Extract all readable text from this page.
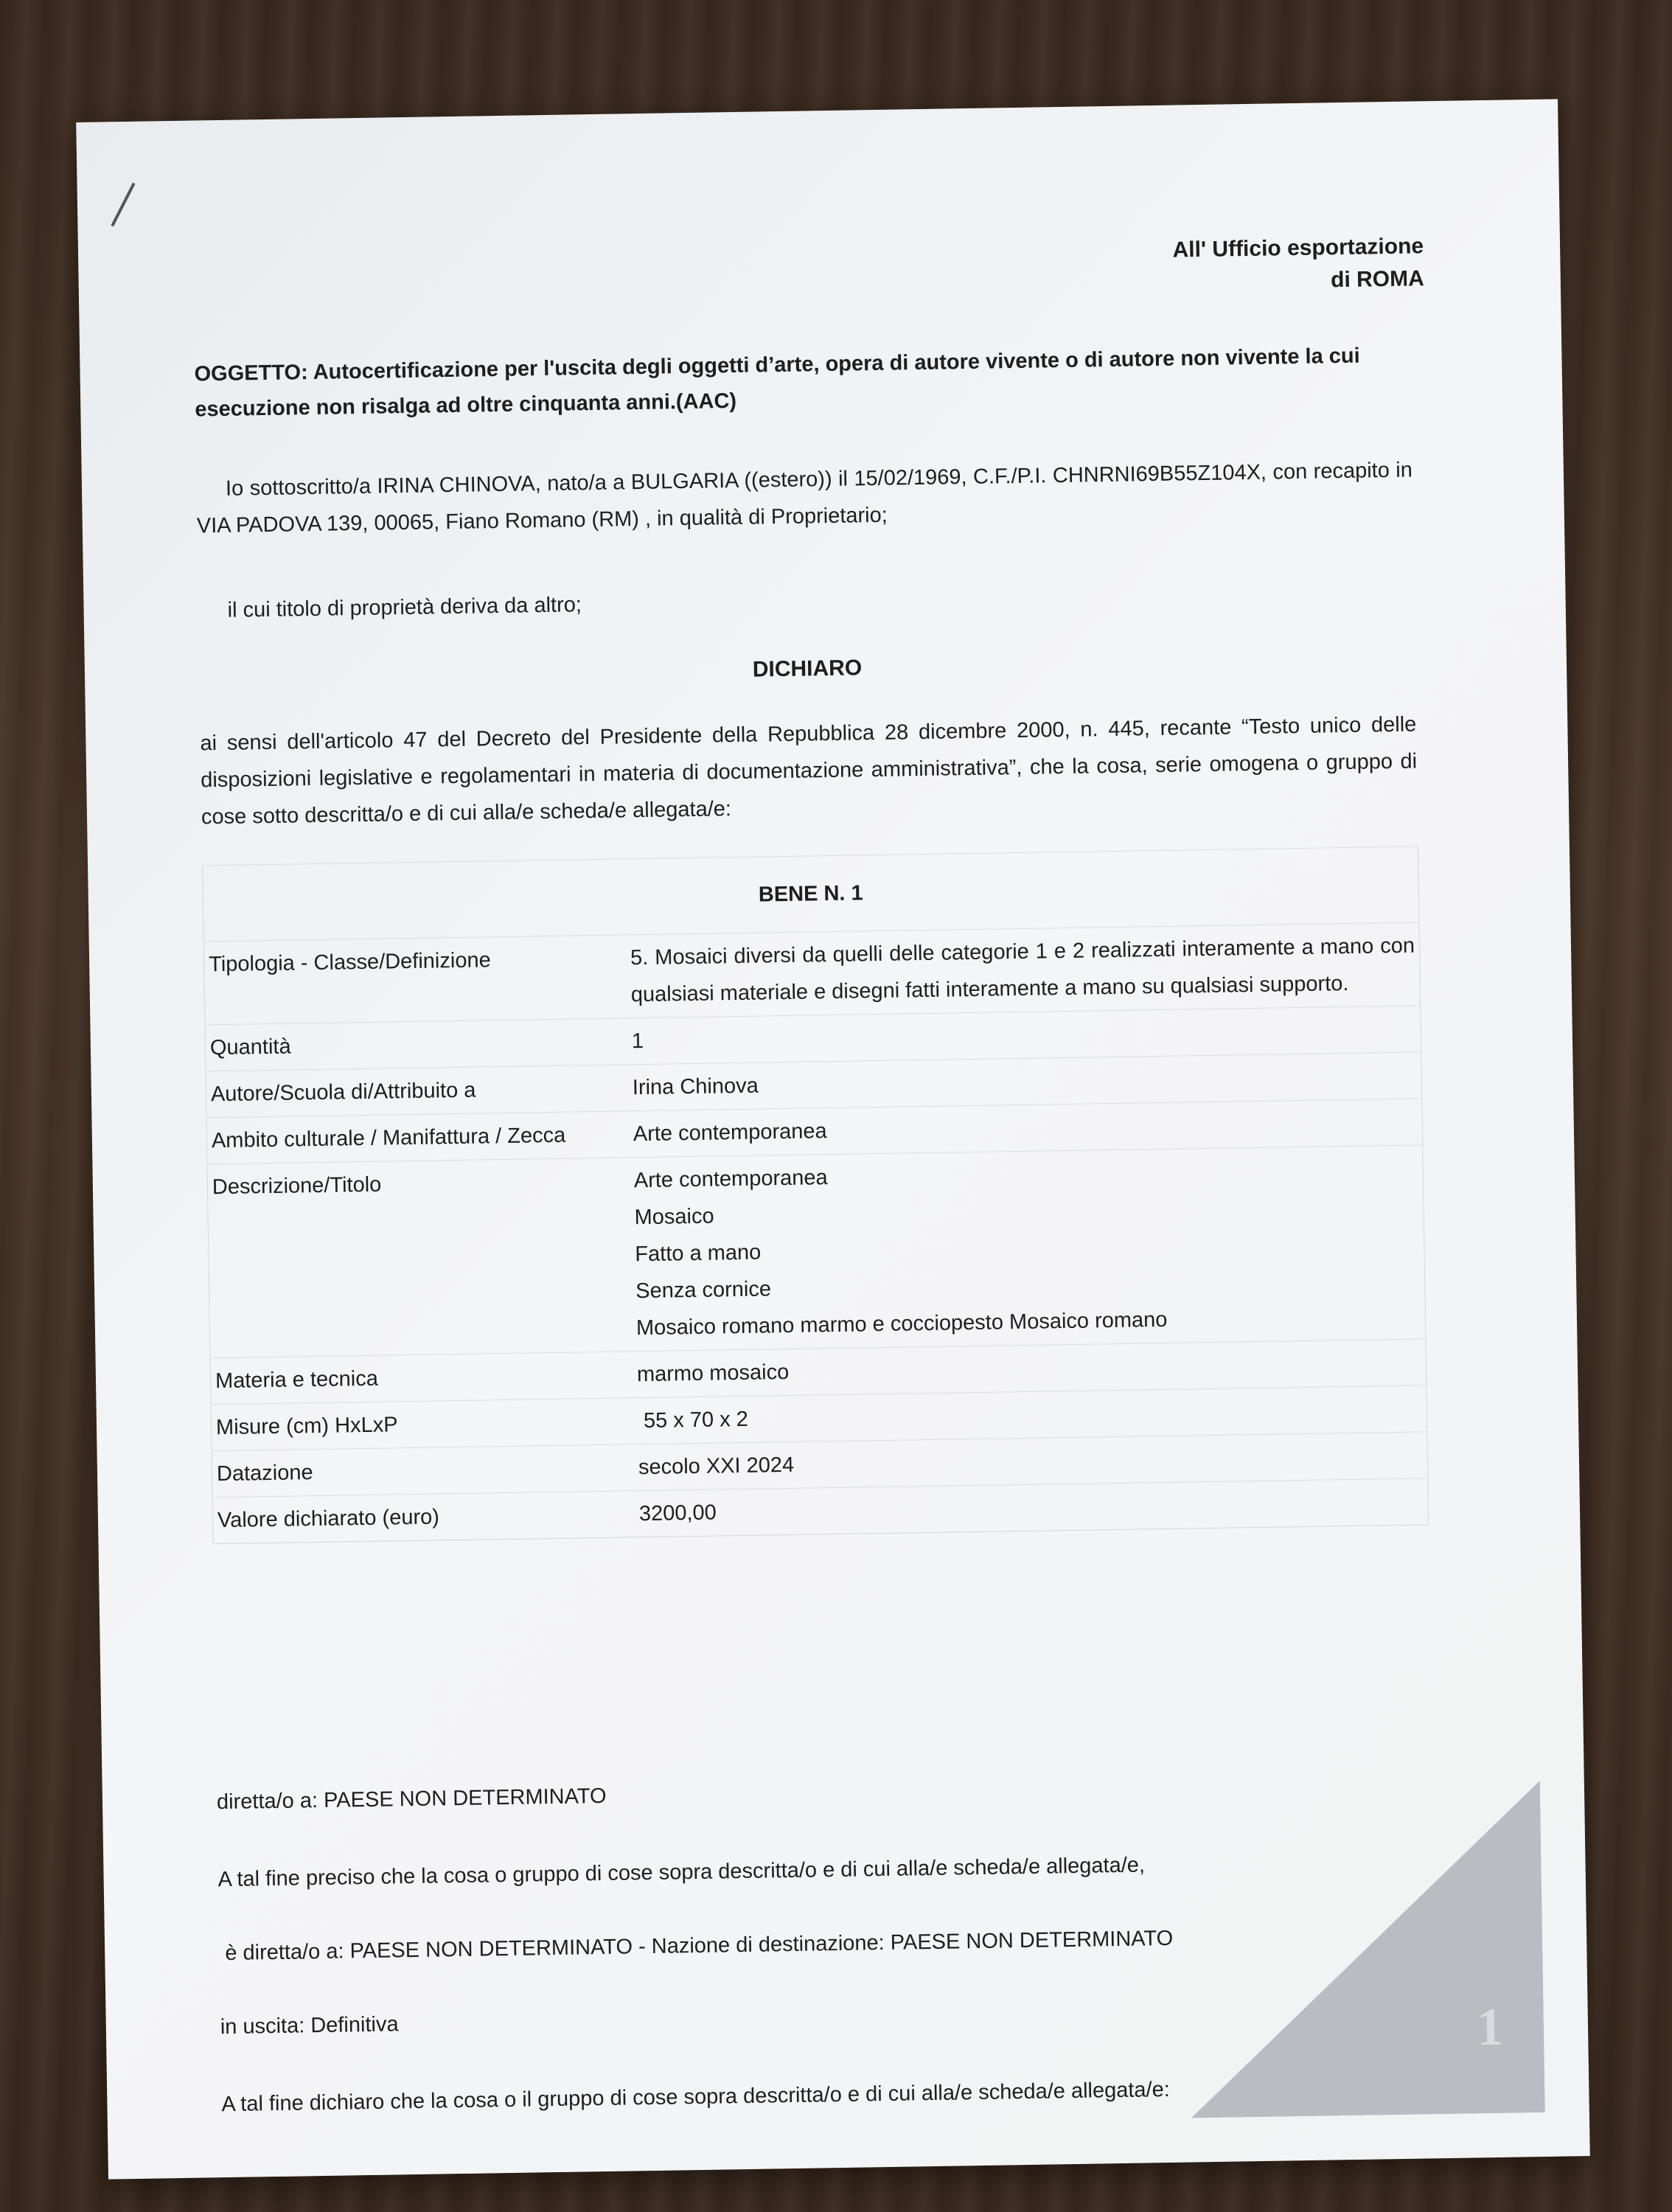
All' Ufficio esportazione
di ROMA
OGGETTO: Autocertificazione per l'uscita degli oggetti d’arte, opera di autore vivente o di autore non vivente la cui esecuzione non risalga ad oltre cinquanta anni.(AAC)
Io sottoscritto/a IRINA CHINOVA, nato/a a BULGARIA ((estero)) il 15/02/1969, C.F./P.I. CHNRNI69B55Z104X, con recapito in VIA PADOVA 139, 00065, Fiano Romano (RM) , in qualità di Proprietario;
il cui titolo di proprietà deriva da altro;
DICHIARO
ai sensi dell'articolo 47 del Decreto del Presidente della Repubblica 28 dicembre 2000, n. 445, recante “Testo unico delle disposizioni legislative e regolamentari in materia di documentazione amministrativa”, che la cosa, serie omogena o gruppo di cose sotto descritta/o e di cui alla/e scheda/e allegata/e:
BENE N. 1	
Tipologia - Classe/Definizione	5. Mosaici diversi da quelli delle categorie 1 e 2 realizzati interamente a mano con qualsiasi materiale e disegni fatti interamente a mano su qualsiasi supporto.
Quantità	1
Autore/Scuola di/Attribuito a	Irina Chinova
Ambito culturale / Manifattura / Zecca	Arte contemporanea
Descrizione/Titolo	Arte contemporanea
Mosaico
Fatto a mano
Senza cornice
Mosaico romano marmo e cocciopesto Mosaico romano

Materia e tecnica	marmo mosaico
Misure (cm) HxLxP	55 x 70 x 2
Datazione	secolo XXI 2024
Valore dichiarato (euro)	3200,00
diretta/o a: PAESE NON DETERMINATO
A tal fine preciso che la cosa o gruppo di cose sopra descritta/o e di cui alla/e scheda/e allegata/e,
è diretta/o a: PAESE NON DETERMINATO - Nazione di destinazione: PAESE NON DETERMINATO
in uscita: Definitiva
A tal fine dichiaro che la cosa o il gruppo di cose sopra descritta/o e di cui alla/e scheda/e allegata/e:
1
